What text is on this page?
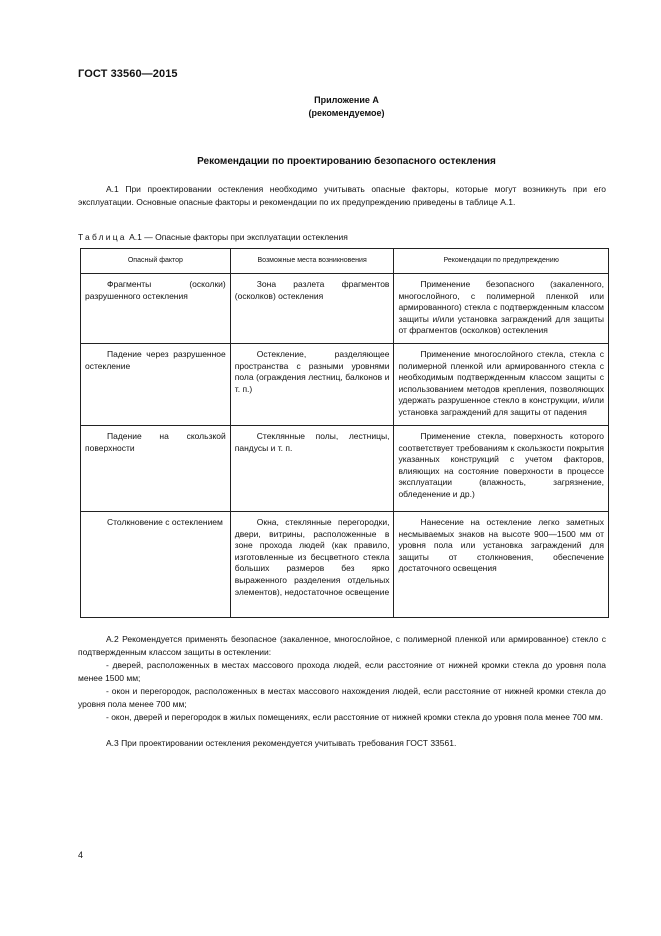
ГОСТ 33560—2015
Приложение А
(рекомендуемое)
Рекомендации по проектированию безопасного остекления

А.1 При проектировании остекления необходимо учитывать опасные факторы, которые могут возникнуть при его эксплуатации. Основные опасные факторы и рекомендации по их предупреждению приведены в таблице А.1.

Таблица А.1 — Опасные факторы при эксплуатации остекления
Опасный фактор	Возможные места возникновения	Рекомендации по предупреждению

Фрагменты (осколки) разрушенного остекления	Зона разлета фрагментов (осколков) остекления	Применение безопасного (закаленного, многослойного, с полимерной пленкой или армированного) стекла с подтвержденным классом защиты и/или установка заграждений для защиты от фрагментов (осколков) остекления

Падение через разрушенное остекление	Остекление, разделяющее пространства с разными уровнями пола (ограждения лестниц, балконов и т. п.)	Применение многослойного стекла, стекла с полимерной пленкой или армированного стекла с необходимым подтвержденным классом защиты с использованием методов крепления, позволяющих удержать разрушенное стекло в конструкции, и/или установка заграждений для защиты от падения

Падение на скользкой поверхности	Стеклянные полы, лестницы, пандусы и т. п.	Применение стекла, поверхность которого соответствует требованиям к скользкости покрытия указанных конструкций с учетом факторов, влияющих на состояние поверхности в процессе эксплуатации (влажность, загрязнение, обледенение и др.)

Столкновение с остеклением	Окна, стеклянные перегородки, двери, витрины, расположенные в зоне прохода людей (как правило, изготовленные из бесцветного стекла больших размеров без ярко выраженного разделения отдельных элементов), недостаточное освещение	Нанесение на остекление легко заметных несмываемых знаков на высоте 900—1500 мм от уровня пола или установка заграждений для защиты от столкновения, обеспечение достаточного освещения

А.2 Рекомендуется применять безопасное (закаленное, многослойное, с полимерной пленкой или армированное) стекло с подтвержденным классом защиты в остеклении:

- дверей, расположенных в местах массового прохода людей, если расстояние от нижней кромки стекла до уровня пола менее 1500 мм;

- окон и перегородок, расположенных в местах массового нахождения людей, если расстояние от нижней кромки стекла до уровня пола менее 700 мм;

- окон, дверей и перегородок в жилых помещениях, если расстояние от нижней кромки стекла до уровня пола менее 700 мм.

А.3 При проектировании остекления рекомендуется учитывать требования ГОСТ 33561.

4
